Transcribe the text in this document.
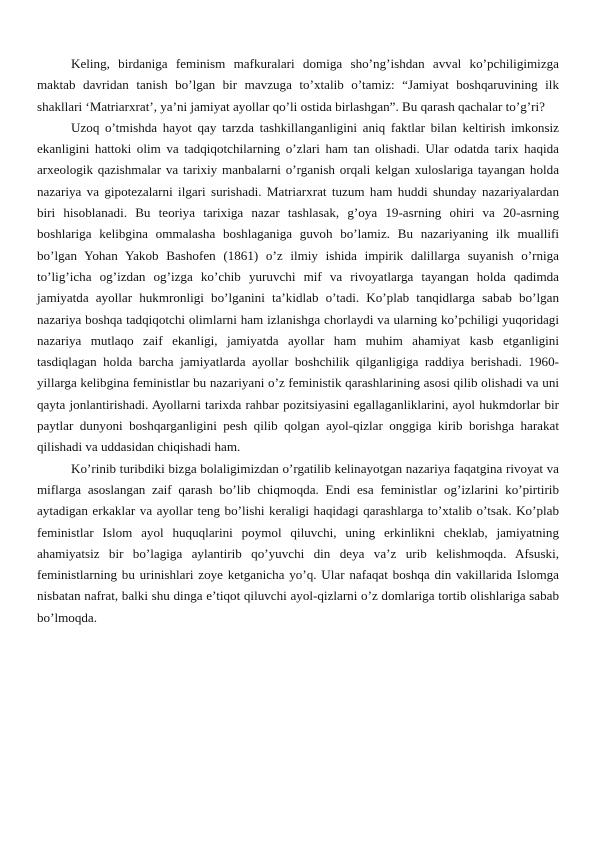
Keling, birdaniga feminism mafkuralari domiga sho’ng’ishdan avval ko’pchiligimizga maktab davridan tanish bo’lgan bir mavzuga to’xtalib o’tamiz: “Jamiyat boshqaruvining ilk shakllari ‘Matriarxrat’, ya’ni jamiyat ayollar qo’li ostida birlashgan”. Bu qarash qachalar to’g’ri?

Uzoq o’tmishda hayot qay tarzda tashkillanganligini aniq faktlar bilan keltirish imkonsiz ekanligini hattoki olim va tadqiqotchilarning o’zlari ham tan olishadi. Ular odatda tarix haqida arxeologik qazishmalar va tarixiy manbalarni o’rganish orqali kelgan xuloslariga tayangan holda nazariya va gipotezalarni ilgari surishadi. Matriarxrat tuzum ham huddi shunday nazariyalardan biri hisoblanadi. Bu teoriya tarixiga nazar tashlasak, g’oya 19-asrning ohiri va 20-asrning boshlariga kelibgina ommalasha boshlaganiga guvoh bo’lamiz. Bu nazariyaning ilk muallifi bo’lgan Yohan Yakob Bashofen (1861) o’z ilmiy ishida impirik dalillarga suyanish o’rniga to’lig’icha og’izdan og’izga ko’chib yuruvchi mif va rivoyatlarga tayangan holda qadimda jamiyatda ayollar hukmronligi bo’lganini ta’kidlab o’tadi. Ko’plab tanqidlarga sabab bo’lgan nazariya boshqa tadqiqotchi olimlarni ham izlanishga chorlaydi va ularning ko’pchiligi yuqoridagi nazariya mutlaqo zaif ekanligi, jamiyatda ayollar ham muhim ahamiyat kasb etganligini tasdiqlagan holda barcha jamiyatlarda ayollar boshchilik qilganligiga raddiya berishadi. 1960-yillarga kelibgina feministlar bu nazariyani o’z feministik qarashlarining asosi qilib olishadi va uni qayta jonlantirishadi. Ayollarni tarixda rahbar pozitsiyasini egallaganliklarini, ayol hukmdorlar bir paytlar dunyoni boshqarganligini pesh qilib qolgan ayol-qizlar onggiga kirib borishga harakat qilishadi va uddasidan chiqishadi ham.

Ko’rinib turibdiki bizga bolaligimizdan o’rgatilib kelinayotgan nazariya faqatgina rivoyat va miflarga asoslangan zaif qarash bo’lib chiqmoqda. Endi esa feministlar og’izlarini ko’pirtirib aytadigan erkaklar va ayollar teng bo’lishi keraligi haqidagi qarashlarga to’xtalib o’tsak. Ko’plab feministlar Islom ayol huquqlarini poymol qiluvchi, uning erkinlikni cheklab, jamiyatning ahamiyatsiz bir bo’lagiga aylantirib qo’yuvchi din deya va’z urib kelishmoqda. Afsuski, feministlarning bu urinishlari zoye ketganicha yo’q. Ular nafaqat boshqa din vakillarida Islomga nisbatan nafrat, balki shu dinga e’tiqot qiluvchi ayol-qizlarni o’z domlariga tortib olishlariga sabab bo’lmoqda.
